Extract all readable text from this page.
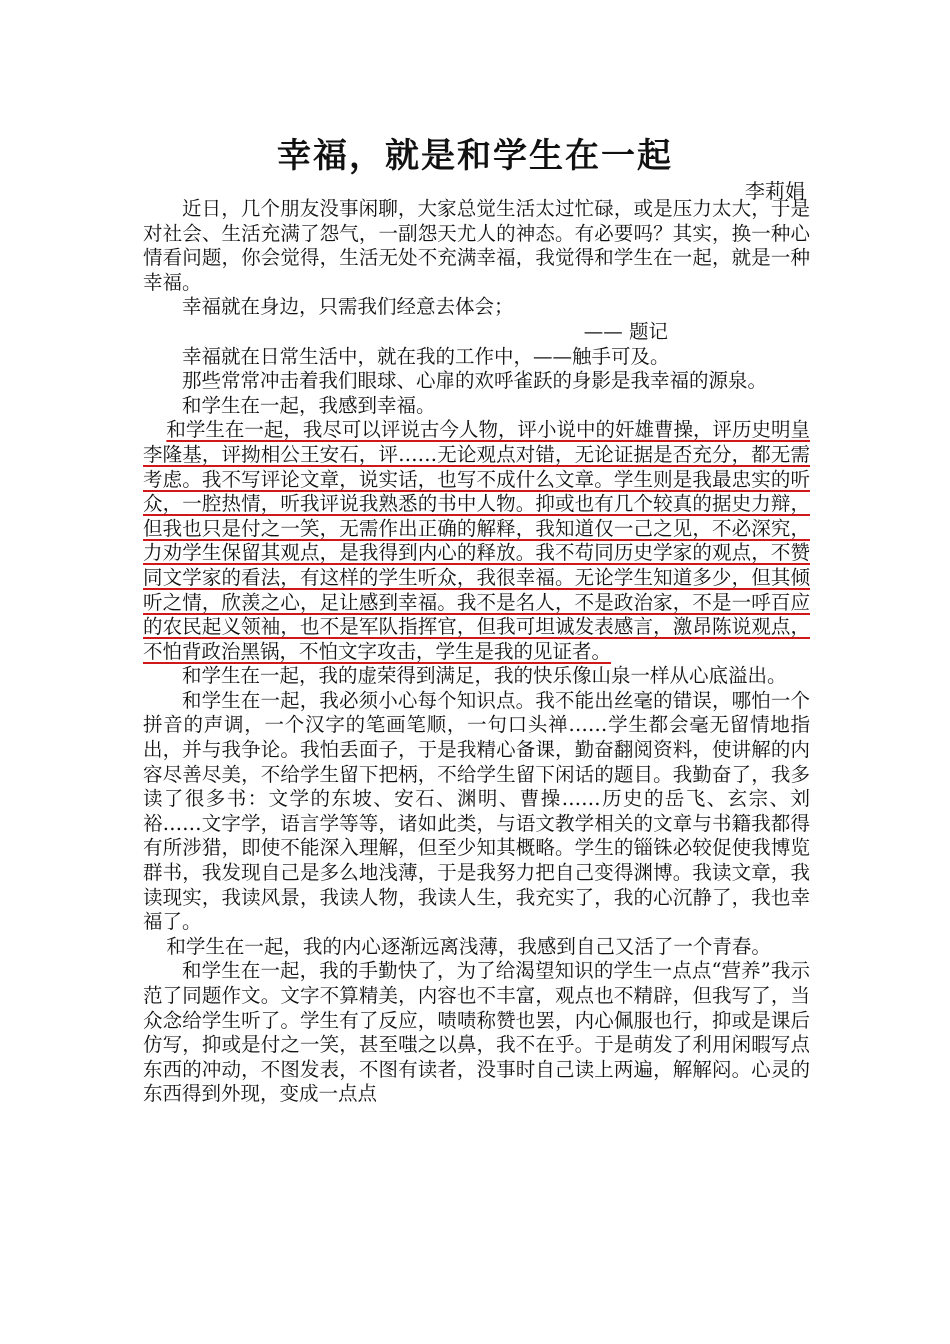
幸福，就是和学生在一起
李莉娟

近日，几个朋友没事闲聊，大家总觉生活太过忙碌，或是压力太大，于是对社会、生活充满了怨气，一副怨天尤人的神态。有必要吗？其实，换一种心情看问题，你会觉得，生活无处不充满幸福，我觉得和学生在一起，就是一种幸福。

幸福就在身边，只需我们经意去体会；

—— 题记

幸福就在日常生活中，就在我的工作中，——触手可及。

那些常常冲击着我们眼球、心扉的欢呼雀跃的身影是我幸福的源泉。

和学生在一起，我感到幸福。

和学生在一起，我尽可以评说古今人物，评小说中的奸雄曹操，评历史明皇李隆基，评拗相公王安石，评……无论观点对错，无论证据是否充分，都无需考虑。我不写评论文章，说实话，也写不成什么文章。学生则是我最忠实的听众，一腔热情，听我评说我熟悉的书中人物。抑或也有几个较真的据史力辩，但我也只是付之一笑，无需作出正确的解释，我知道仅一己之见，不必深究，力劝学生保留其观点，是我得到内心的释放。我不苟同历史学家的观点，不赞同文学家的看法，有这样的学生听众，我很幸福。无论学生知道多少，但其倾听之情，欣羡之心，足让感到幸福。我不是名人，不是政治家，不是一呼百应的农民起义领袖，也不是军队指挥官，但我可坦诚发表感言，激昂陈说观点，不怕背政治黑锅，不怕文字攻击，学生是我的见证者。

和学生在一起，我的虚荣得到满足，我的快乐像山泉一样从心底溢出。

和学生在一起，我必须小心每个知识点。我不能出丝毫的错误，哪怕一个拼音的声调，一个汉字的笔画笔顺，一句口头禅……学生都会毫无留情地指出，并与我争论。我怕丢面子，于是我精心备课，勤奋翻阅资料，使讲解的内容尽善尽美，不给学生留下把柄，不给学生留下闲话的题目。我勤奋了，我多读了很多书：文学的东坡、安石、渊明、曹操……历史的岳飞、玄宗、刘裕……文字学，语言学等等，诸如此类，与语文教学相关的文章与书籍我都得有所涉猎，即使不能深入理解，但至少知其概略。学生的锱铢必较促使我博览群书，我发现自己是多么地浅薄，于是我努力把自己变得渊博。我读文章，我读现实，我读风景，我读人物，我读人生，我充实了，我的心沉静了，我也幸福了。

和学生在一起，我的内心逐渐远离浅薄，我感到自己又活了一个青春。

和学生在一起，我的手勤快了，为了给渴望知识的学生一点点“营养”我示范了同题作文。文字不算精美，内容也不丰富，观点也不精辟，但我写了，当众念给学生听了。学生有了反应，啧啧称赞也罢，内心佩服也行，抑或是课后仿写，抑或是付之一笑，甚至嗤之以鼻，我不在乎。于是萌发了利用闲暇写点东西的冲动，不图发表，不图有读者，没事时自己读上两遍，解解闷。心灵的东西得到外现，变成一点点
